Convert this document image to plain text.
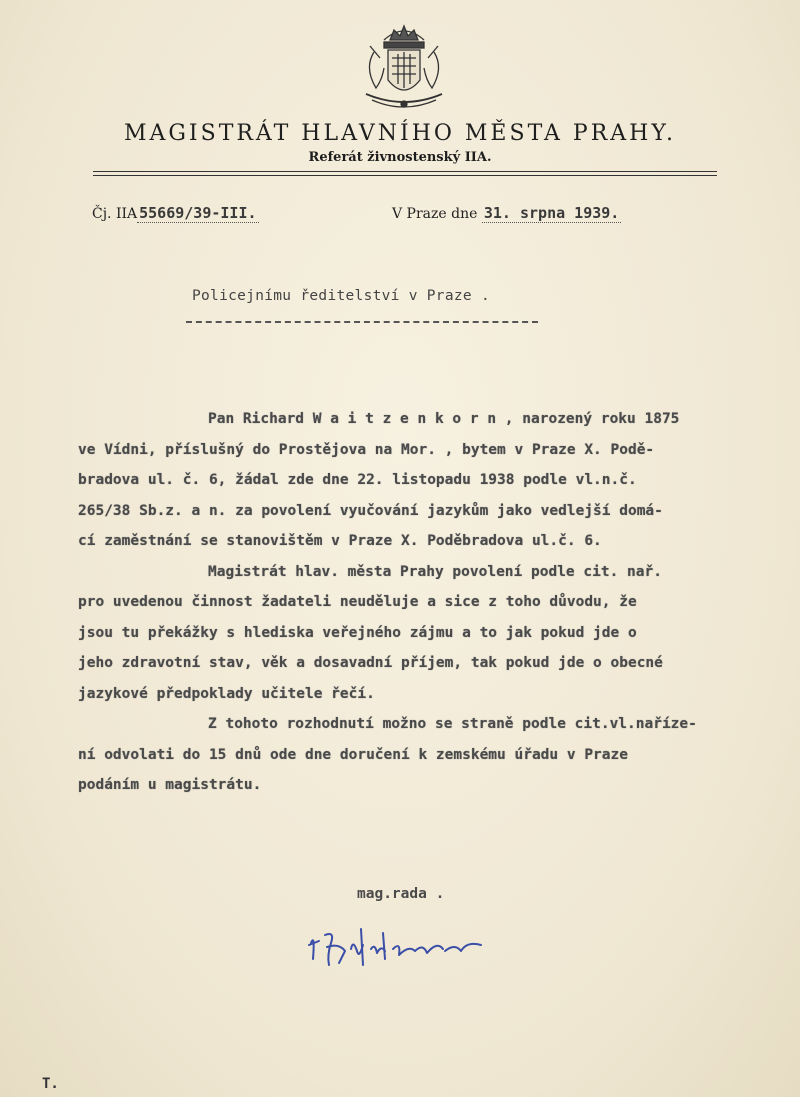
MAGISTRÁT HLAVNÍHO MĚSTA PRAHY.
Referát živnostenský IIA.
Čj. IIA 55669/39-III.	V Praze dne 31. srpna 1939.
Policejnímu ředitelství v Praze .

Pan Richard W a i t z e n k o r n , narozený roku 1875

ve Vídni, příslušný do Prostějova na Mor. , bytem v Praze X. Podě-

bradova ul. č. 6, žádal zde dne 22. listopadu 1938 podle vl.n.č.

265/38 Sb.z. a n. za povolení vyučování jazykům jako vedlejší domá-

cí zaměstnání se stanovištěm v Praze X. Poděbradova ul.č. 6.

Magistrát hlav. města Prahy povolení podle cit. nař.

pro uvedenou činnost žadateli neuděluje a sice z toho důvodu, že

jsou tu překážky s hlediska veřejného zájmu a to jak pokud jde o

jeho zdravotní stav, věk a dosavadní příjem, tak pokud jde o obecné

jazykové předpoklady učitele řečí.

Z tohoto rozhodnutí možno se straně podle cit.vl.nařízе-

ní odvolati do 15 dnů ode dne doručení k zemskému úřadu v Praze

podáním u magistrátu.

mag.rada .
T.
